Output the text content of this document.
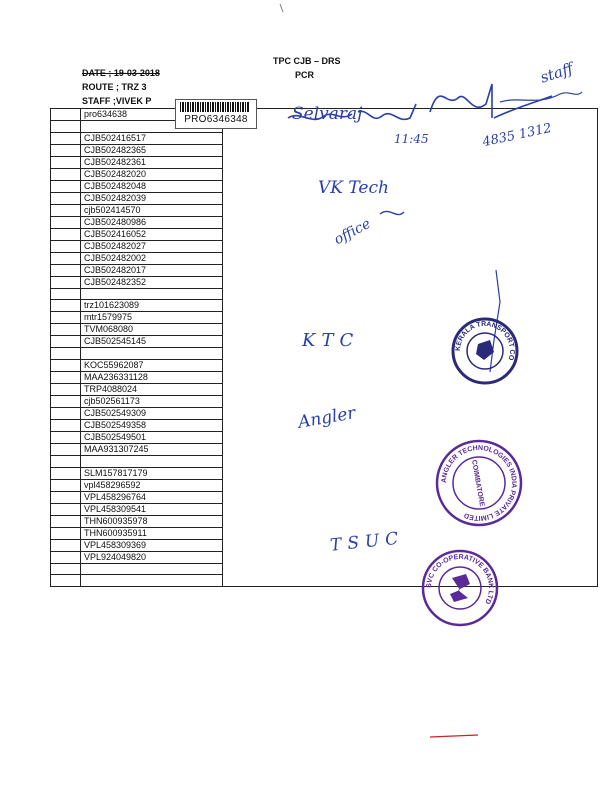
TPC CJB – DRS
PCR
DATE ; 19-03-2018
ROUTE ; TRZ 3
STAFF ;VIVEK P
	pro634638	

	CJB502416517	
	CJB502482365	
	CJB502482361	
	CJB502482020	
	CJB502482048	
	CJB502482039	
	cjb502414570	
	CJB502480986	
	CJB502416052	
	CJB502482027	
	CJB502482002	
	CJB502482017	
	CJB502482352	

	trz101623089	
	mtr1579975	
	TVM068080	
	CJB502545145	

	KOC55962087	
	MAA236331128	
	TRP4088024	
	cjb502561173	
	CJB502549309	
	CJB502549358	
	CJB502549501	
	MAA931307245	

	SLM157817179	
	vpl458296592	
	VPL458296764	
	VPL458309541	
	THN600935978	
	THN600935911	
	VPL458309369	
	VPL924049820	

PRO6346348	Selvaraj
11:45
staff
4835 1312
VK Tech
office
KTC
Angler
TSUC
KERALA TRANSPORT CO
ANGLER TECHNOLOGIES INDIA PRIVATE LIMITED
COIMBATORE
SVC CO-OPERATIVE BANK LTD
